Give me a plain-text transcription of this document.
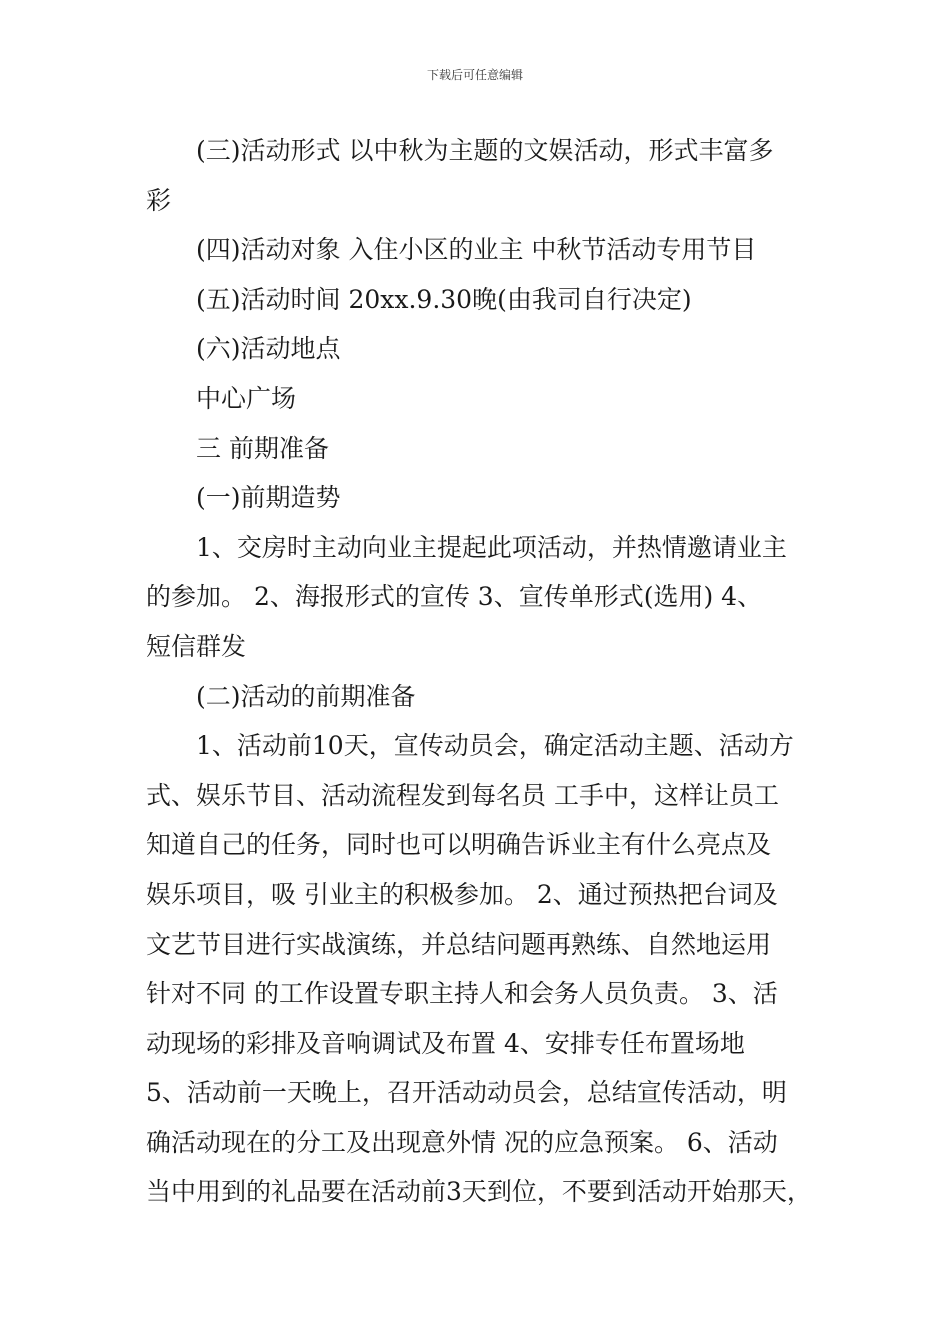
下载后可任意编辑

(三)活动形式 以中秋为主题的文娱活动，形式丰富多

彩

(四)活动对象 入住小区的业主 中秋节活动专用节目

(五)活动时间 20xx.9.30晚(由我司自行决定)

(六)活动地点

中心广场

三 前期准备

(一)前期造势

1、交房时主动向业主提起此项活动，并热情邀请业主

的参加。 2、海报形式的宣传 3、宣传单形式(选用) 4、

短信群发

(二)活动的前期准备

1、活动前10天，宣传动员会，确定活动主题、活动方

式、娱乐节目、活动流程发到每名员 工手中，这样让员工

知道自己的任务，同时也可以明确告诉业主有什么亮点及

娱乐项目，吸 引业主的积极参加。 2、通过预热把台词及

文艺节目进行实战演练，并总结问题再熟练、自然地运用

针对不同 的工作设置专职主持人和会务人员负责。 3、活

动现场的彩排及音响调试及布置 4、安排专任布置场地

5、活动前一天晚上，召开活动动员会，总结宣传活动，明

确活动现在的分工及出现意外情 况的应急预案。 6、活动

当中用到的礼品要在活动前3天到位，不要到活动开始那天，
